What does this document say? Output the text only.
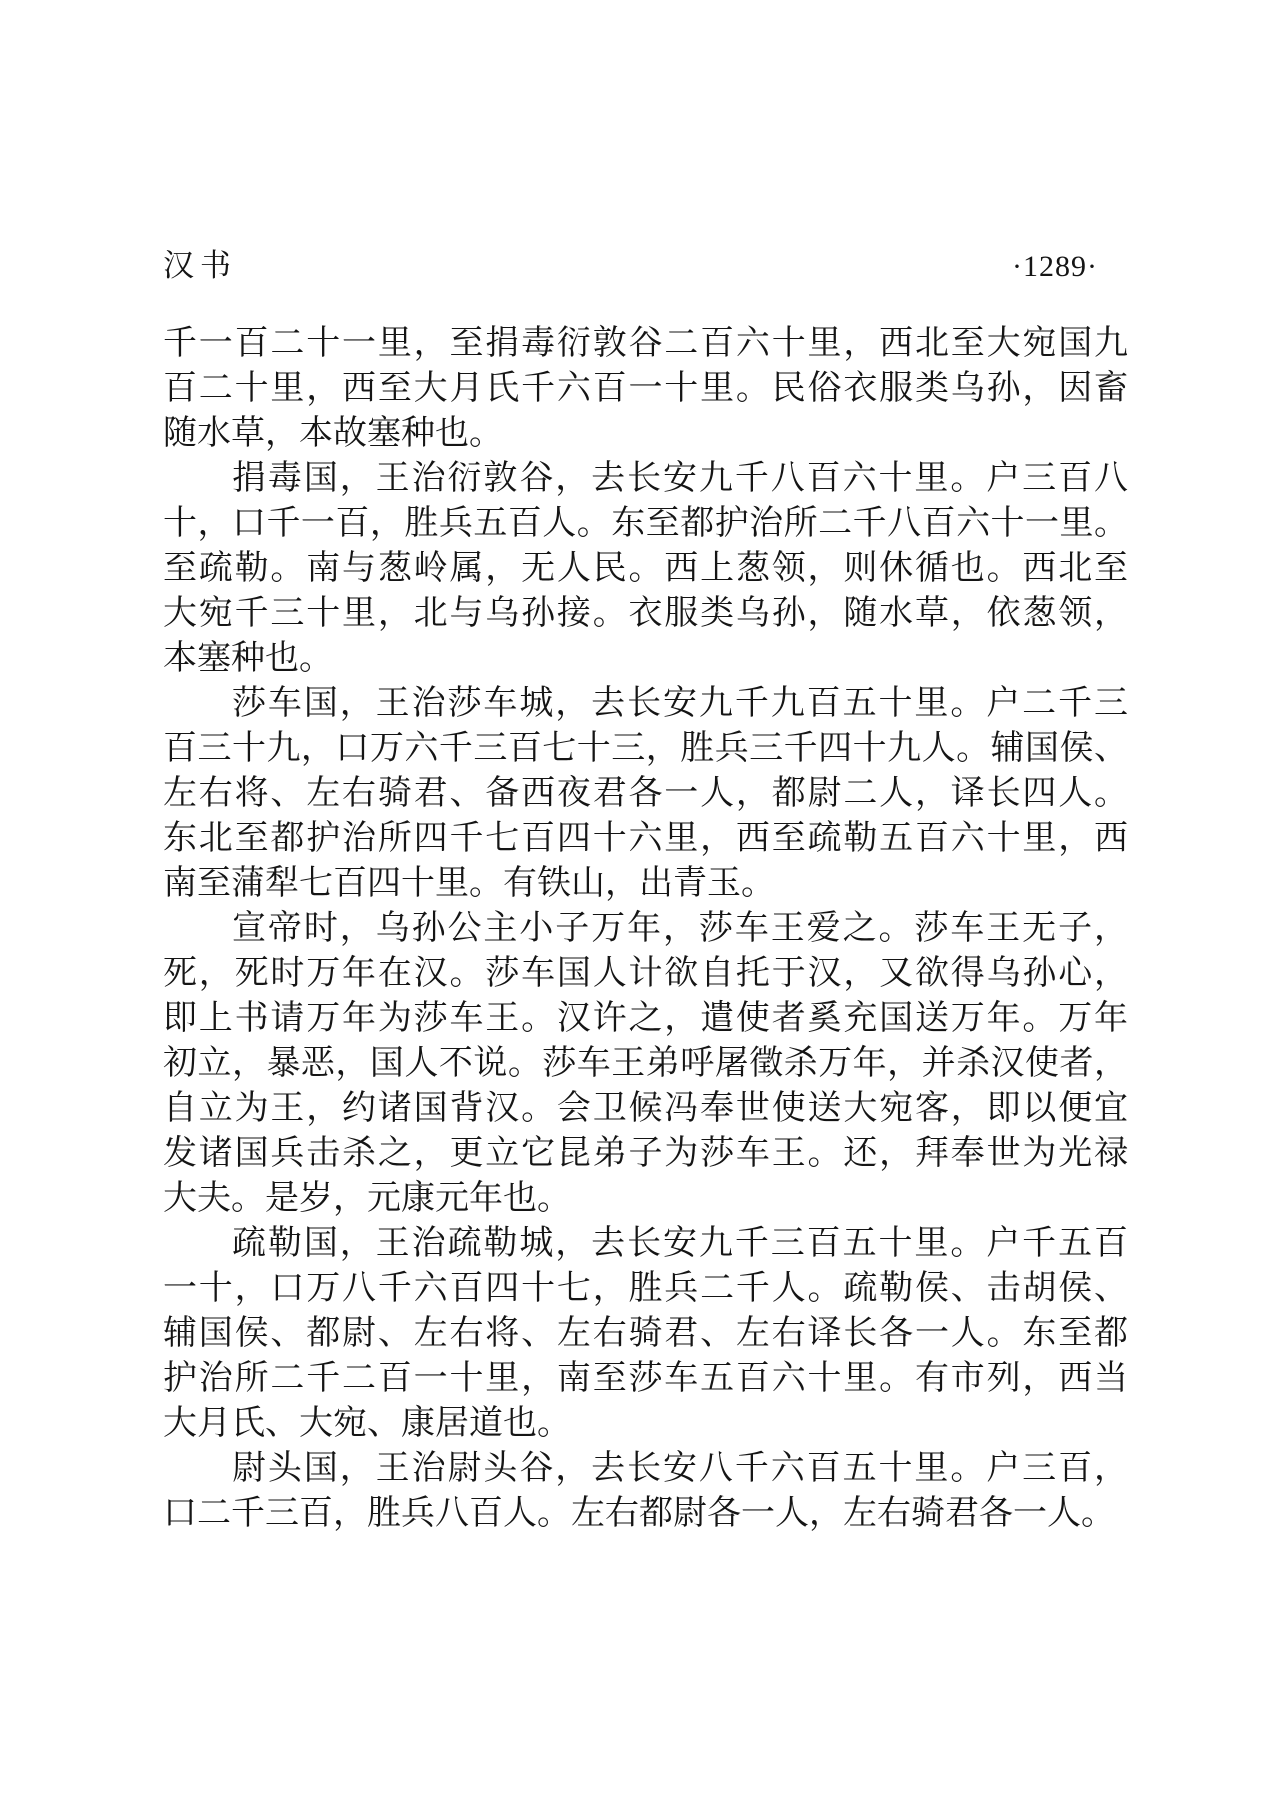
汉书	·1289·
千一百二十一里，至捐毒衍敦谷二百六十里，西北至大宛国九
百二十里，西至大月氏千六百一十里。民俗衣服类乌孙，因畜
随水草，本故塞种也。
捐毒国，王治衍敦谷，去长安九千八百六十里。户三百八
十，口千一百，胜兵五百人。东至都护治所二千八百六十一里。
至疏勒。南与葱岭属，无人民。西上葱领，则休循也。西北至
大宛千三十里，北与乌孙接。衣服类乌孙，随水草，依葱领，
本塞种也。
莎车国，王治莎车城，去长安九千九百五十里。户二千三
百三十九，口万六千三百七十三，胜兵三千四十九人。辅国侯、
左右将、左右骑君、备西夜君各一人，都尉二人，译长四人。
东北至都护治所四千七百四十六里，西至疏勒五百六十里，西
南至蒲犁七百四十里。有铁山，出青玉。
宣帝时，乌孙公主小子万年，莎车王爱之。莎车王无子，
死，死时万年在汉。莎车国人计欲自托于汉，又欲得乌孙心，
即上书请万年为莎车王。汉许之，遣使者奚充国送万年。万年
初立，暴恶，国人不说。莎车王弟呼屠徵杀万年，并杀汉使者，
自立为王，约诸国背汉。会卫候冯奉世使送大宛客，即以便宜
发诸国兵击杀之，更立它昆弟子为莎车王。还，拜奉世为光禄
大夫。是岁，元康元年也。
疏勒国，王治疏勒城，去长安九千三百五十里。户千五百
一十，口万八千六百四十七，胜兵二千人。疏勒侯、击胡侯、
辅国侯、都尉、左右将、左右骑君、左右译长各一人。东至都
护治所二千二百一十里，南至莎车五百六十里。有市列，西当
大月氏、大宛、康居道也。
尉头国，王治尉头谷，去长安八千六百五十里。户三百，
口二千三百，胜兵八百人。左右都尉各一人，左右骑君各一人。
